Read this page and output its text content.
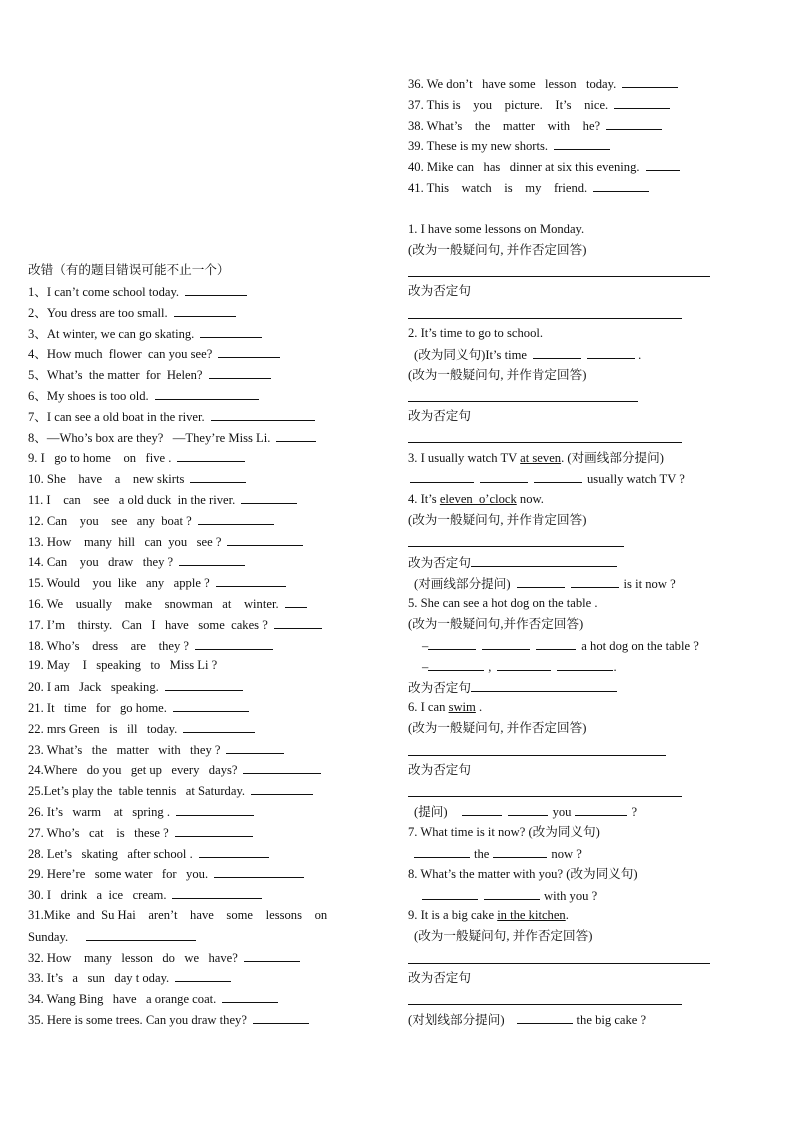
改错（有的题目错误可能不止一个）
1、I can’t come school today.
2、You dress are too small.
3、At winter, we can go skating.
4、How much  flower  can you see?
5、What’s  the matter  for  Helen?
6、My shoes is too old.
7、I can see a old boat in the river.
8、—Who’s box are they?   —They’re Miss Li.
9. I   go to home    on   five .
10. She    have    a    new skirts
11. I    can    see   a old duck  in the river.
12. Can    you    see   any  boat ?
13. How    many  hill   can  you   see ?
14. Can    you   draw   they ?
15. Would    you  like   any   apple ?
16. We    usually    make    snowman   at    winter.
17. I’m    thirsty.   Can   I   have   some  cakes ?
18. Who’s    dress    are    they ?
19. May    I   speaking   to   Miss Li ?
20. I am   Jack   speaking.
21. It   time   for   go home.
22. mrs Green   is   ill   today.
23. What’s   the   matter   with   they ?
24.Where   do you   get up   every   days?
25.Let’s play the  table tennis   at Saturday.
26. It’s   warm    at   spring .
27. Who’s   cat    is   these ?
28. Let’s   skating   after school .
29. Here’re   some water   for   you.
30. I   drink   a  ice   cream.
31.Mike  and  Su Hai    aren’t    have    some    lessons    on
Sunday.
32. How    many   lesson   do   we   have?
33. It’s   a   sun   day t oday.
34. Wang Bing   have   a orange coat.
35. Here is some trees. Can you draw they?
36. We don’t   have some   lesson   today.
37. This is    you    picture.    It’s    nice.
38. What’s    the    matter    with    he?
39. These is my new shorts.
40. Mike can   has   dinner at six this evening.
41. This    watch    is    my    friend.
1. I have some lessons on Monday.
(改为一般疑问句, 并作否定回答)
改为否定句
2. It’s time to go to school.
(改为同义句)It’s time	.
(改为一般疑问句, 并作肯定回答)
改为否定句
3. I usually watch TV at seven. (对画线部分提问)
usually watch TV ?
4. It’s eleven  o’clock now.
(改为一般疑问句, 并作肯定回答)
改为否定句
(对画线部分提问)	is it now ?
5. She can see a hot dog on the table .
(改为一般疑问句,并作否定回答)
–	a hot dog on the table ?
–	,	.
改为否定句
6. I can swim .
(改为一般疑问句, 并作否定回答)
改为否定句
(提问)	you	?
7. What time is it now? (改为同义句)
the	now ?
8. What’s the matter with you? (改为同义句)
with you ?
9. It is a big cake in the kitchen.
(改为一般疑问句, 并作否定回答)
改为否定句
(对划线部分提问)	the big cake ?
